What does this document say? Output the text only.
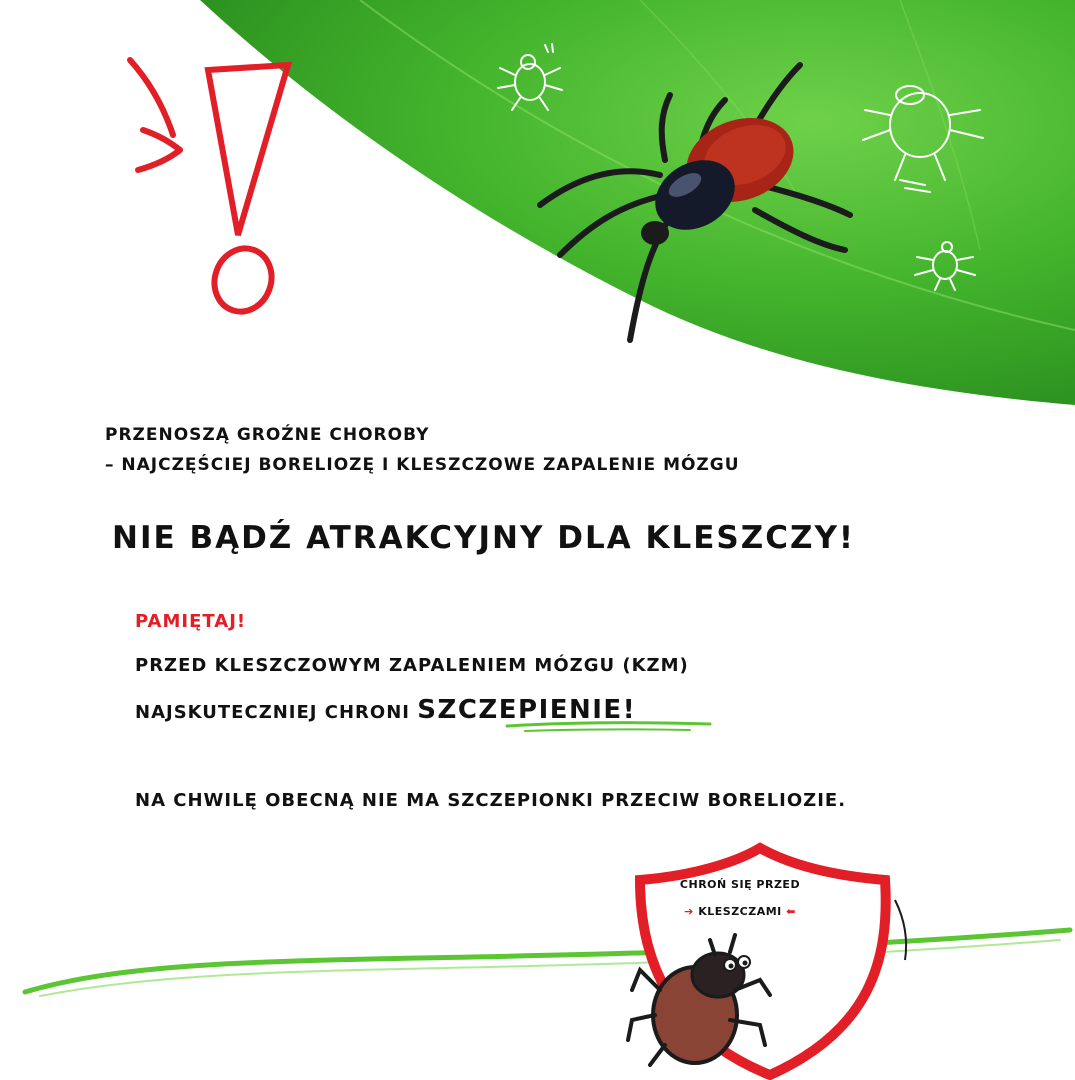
PRZENOSZĄ GROŹNE CHOROBY
– NAJCZĘŚCIEJ BORELIOZĘ I KLESZCZOWE ZAPALENIE MÓZGU
NIE BĄDŹ ATRAKCYJNY DLA KLESZCZY!
PAMIĘTAJ!
PRZED KLESZCZOWYM ZAPALENIEM MÓZGU (KZM)
NAJSKUTECZNIEJ CHRONI SZCZEPIENIE!
NA CHWILĘ OBECNĄ NIE MA SZCZEPIONKI PRZECIW BORELIOZIE.
CHROŃ SIĘ PRZED
➔ KLESZCZAMI ⬅
